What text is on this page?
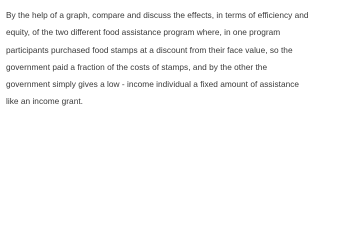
By the help of a graph, compare and discuss the effects, in terms of efficiency and
equity, of the two different food assistance program where, in one program
participants purchased food stamps at a discount from their face value, so the
government paid a fraction of the costs of stamps, and by the other the
government simply gives a low - income individual a fixed amount of assistance
like an income grant.
